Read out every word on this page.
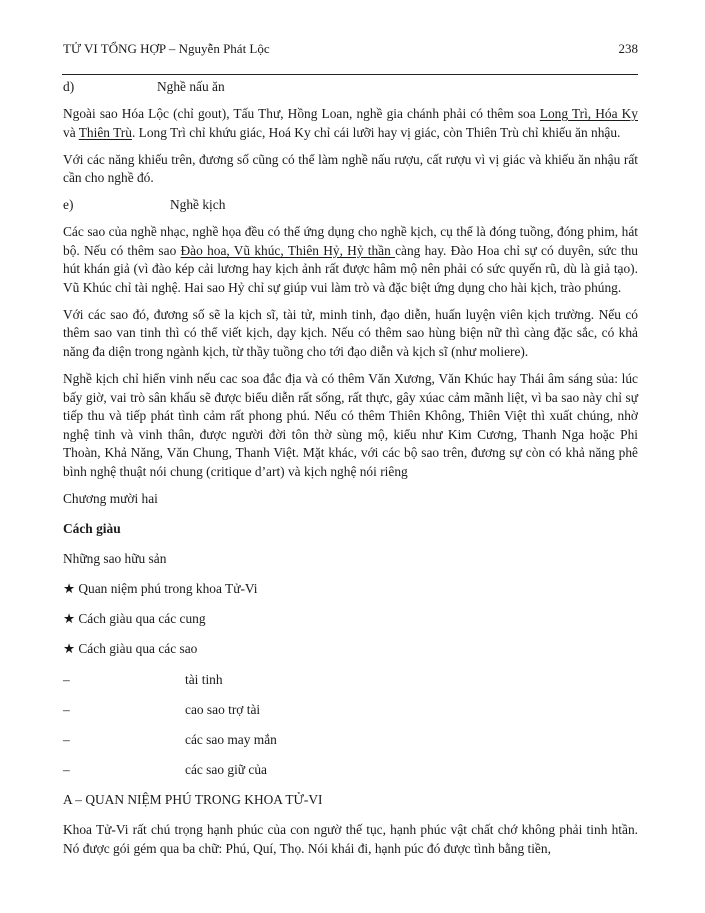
TỬ VI TỔNG HỢP – Nguyễn Phát Lộc	238
d)	Nghề nấu ăn

Ngoài sao Hóa Lộc (chỉ gout), Tấu Thư, Hồng Loan, nghề gia chánh phải có thêm soa Long Trì, Hóa Ky và Thiên Trù. Long Trì chỉ khứu giác, Hoá Ky chỉ cái lưỡi hay vị giác, còn Thiên Trù chỉ khiếu ăn nhậu.

Với các năng khiếu trên, đương số cũng có thể làm nghề nấu rượu, cất rượu vì vị giác và khiếu ăn nhậu rất cần cho nghề đó.

e)	Nghề kịch

Các sao của nghề nhạc, nghề họa đều có thể ứng dụng cho nghề kịch, cụ thể là đóng tuồng, đóng phim, hát bộ. Nếu có thêm sao Đào hoa, Vũ khúc, Thiên Hỷ, Hỷ thần càng hay. Đào Hoa chỉ sự có duyên, sức thu hút khán giả (vì đào kép cải lương hay kịch ảnh rất được hâm mộ nên phải có sức quyến rũ, dù là giả tạo). Vũ Khúc chỉ tài nghệ. Hai sao Hỷ chỉ sự giúp vui làm trò và đặc biệt ứng dụng cho hài kịch, trào phúng.

Với các sao đó, đương số sẽ la kịch sĩ, tài tử, minh tinh, đạo diễn, huấn luyện viên kịch trường. Nếu có thêm sao van tinh thì có thể viết kịch, dạy kịch. Nếu có thêm sao hùng biện nữ thì càng đặc sắc, có khả năng đa diện trong ngành kịch, từ thầy tuồng cho tới đạo diễn và kịch sĩ (như moliere).

Nghề kịch chỉ hiển vinh nếu cac soa đắc địa và có thêm Văn Xương, Văn Khúc hay Thái âm sáng sủa: lúc bấy giờ, vai trò sân khấu sẽ được biểu diễn rất sống, rất thực, gây xúac cảm mãnh liệt, vì ba sao này chỉ sự tiếp thu và tiếp phát tình cảm rất phong phú. Nếu có thêm Thiên Không, Thiên Việt thì xuất chúng, nhờ nghệ tinh và vinh thân, được người đời tôn thờ sùng mộ, kiểu như Kim Cương, Thanh Nga hoặc Phi Thoàn, Khả Năng, Văn Chung, Thanh Việt. Mặt khác, với các bộ sao trên, đương sự còn có khả năng phê bình nghệ thuật nói chung (critique d’art) và kịch nghệ nói riêng

Chương mười hai
Cách giàu
Những sao hữu sản
★ Quan niệm phú trong khoa Tử-Vi
★ Cách giàu qua các cung
★ Cách giàu qua các sao
–	tài tinh
–	cao sao trợ tài
–	các sao may mắn
–	các sao giữ của
A – QUAN NIỆM PHÚ TRONG KHOA TỬ-VI

Khoa Tử-Vi rất chú trọng hạnh phúc của con ngườ thế tục, hạnh phúc vật chất chớ không phải tinh htần. Nó được gói gém qua ba chữ: Phú, Quí, Thọ. Nói khái đi, hạnh púc đó được tình bằng tiền,
